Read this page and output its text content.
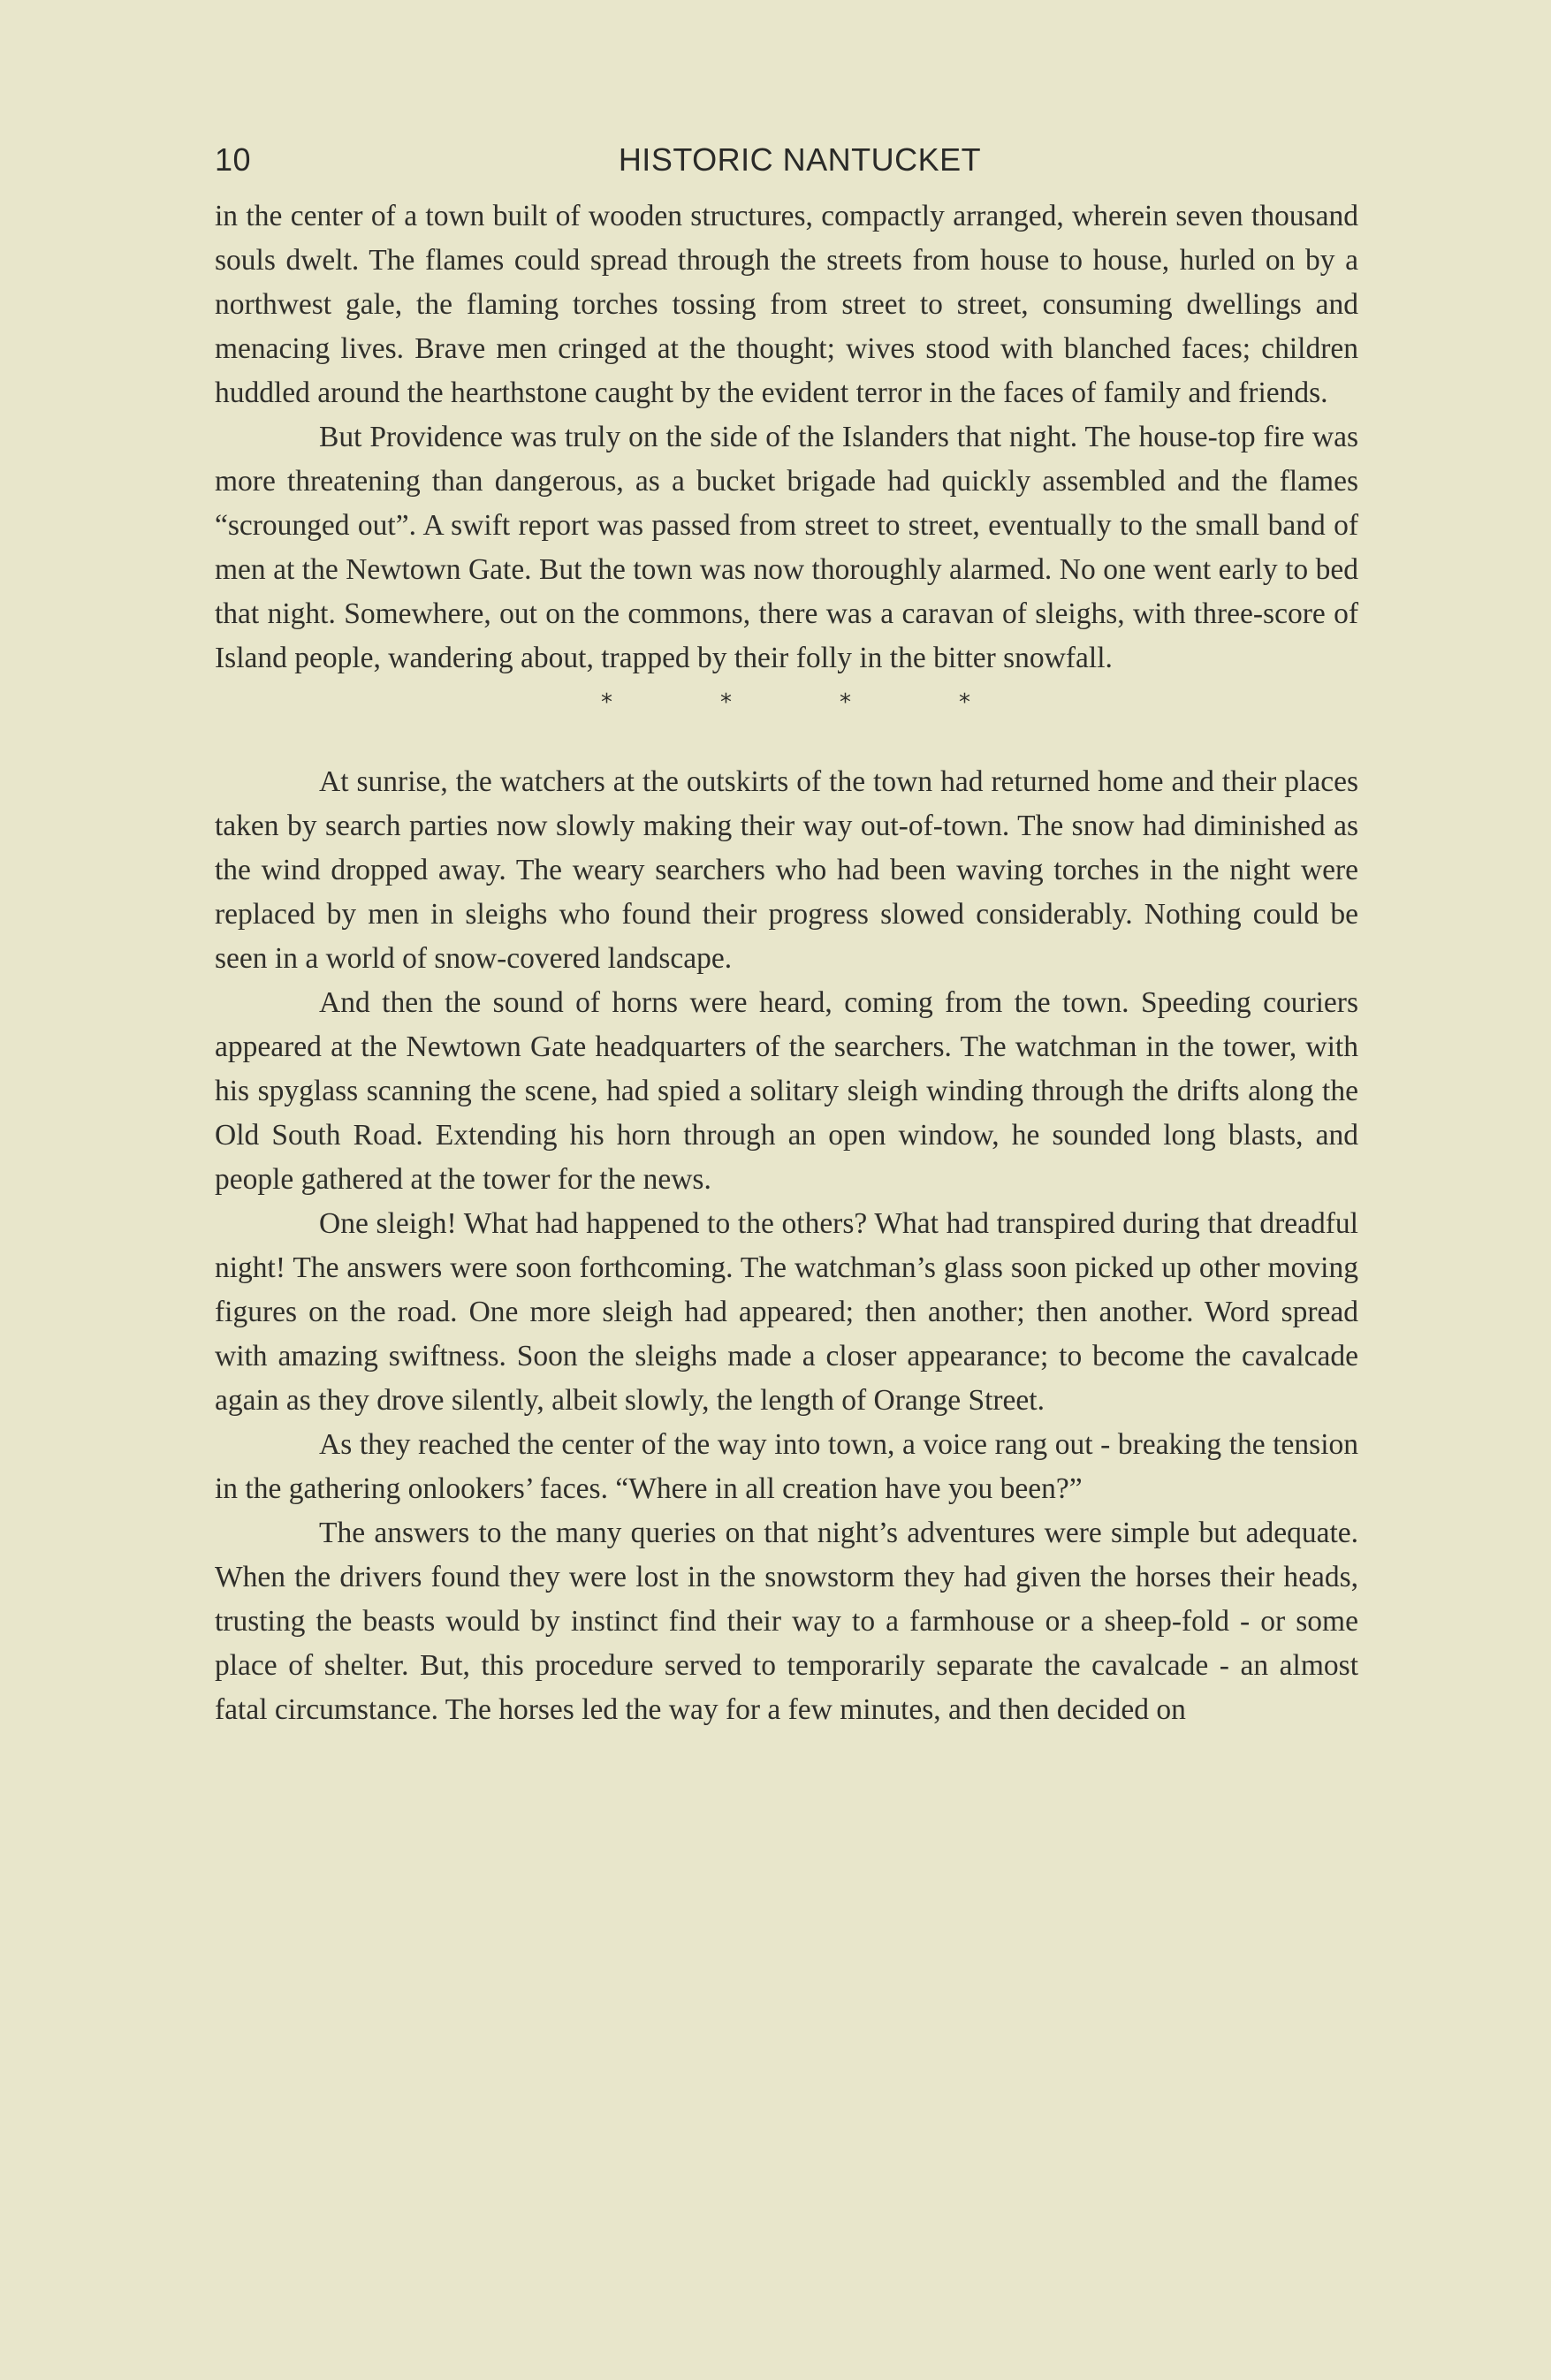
10	HISTORIC NANTUCKET

in the center of a town built of wooden structures, compactly arranged, wherein seven thousand souls dwelt. The flames could spread through the streets from house to house, hurled on by a northwest gale, the flaming torches tossing from street to street, consuming dwellings and menacing lives. Brave men cringed at the thought; wives stood with blanched faces; children huddled around the hearthstone caught by the evident terror in the faces of family and friends.

But Providence was truly on the side of the Islanders that night. The house-top fire was more threatening than dangerous, as a bucket brigade had quickly assembled and the flames “scrounged out”. A swift report was passed from street to street, eventually to the small band of men at the Newtown Gate. But the town was now thoroughly alarmed. No one went early to bed that night. Somewhere, out on the commons, there was a caravan of sleighs, with three-score of Island people, wandering about, trapped by their folly in the bitter snowfall.

*	*	*	*

At sunrise, the watchers at the outskirts of the town had returned home and their places taken by search parties now slowly making their way out-of-town. The snow had diminished as the wind dropped away. The weary searchers who had been waving torches in the night were replaced by men in sleighs who found their progress slowed considerably. Nothing could be seen in a world of snow-covered landscape.

And then the sound of horns were heard, coming from the town. Speeding couriers appeared at the Newtown Gate headquarters of the searchers. The watchman in the tower, with his spyglass scanning the scene, had spied a solitary sleigh winding through the drifts along the Old South Road. Extending his horn through an open window, he sounded long blasts, and people gathered at the tower for the news.

One sleigh! What had happened to the others? What had transpired during that dreadful night! The answers were soon forthcoming. The watchman’s glass soon picked up other moving figures on the road. One more sleigh had appeared; then another; then another. Word spread with amazing swiftness. Soon the sleighs made a closer appearance; to become the cavalcade again as they drove silently, albeit slowly, the length of Orange Street.

As they reached the center of the way into town, a voice rang out - breaking the tension in the gathering onlookers’ faces. “Where in all creation have you been?”

The answers to the many queries on that night’s adventures were simple but adequate. When the drivers found they were lost in the snowstorm they had given the horses their heads, trusting the beasts would by instinct find their way to a farmhouse or a sheep-fold - or some place of shelter. But, this procedure served to temporarily separate the cavalcade - an almost fatal circumstance. The horses led the way for a few minutes, and then decided on
